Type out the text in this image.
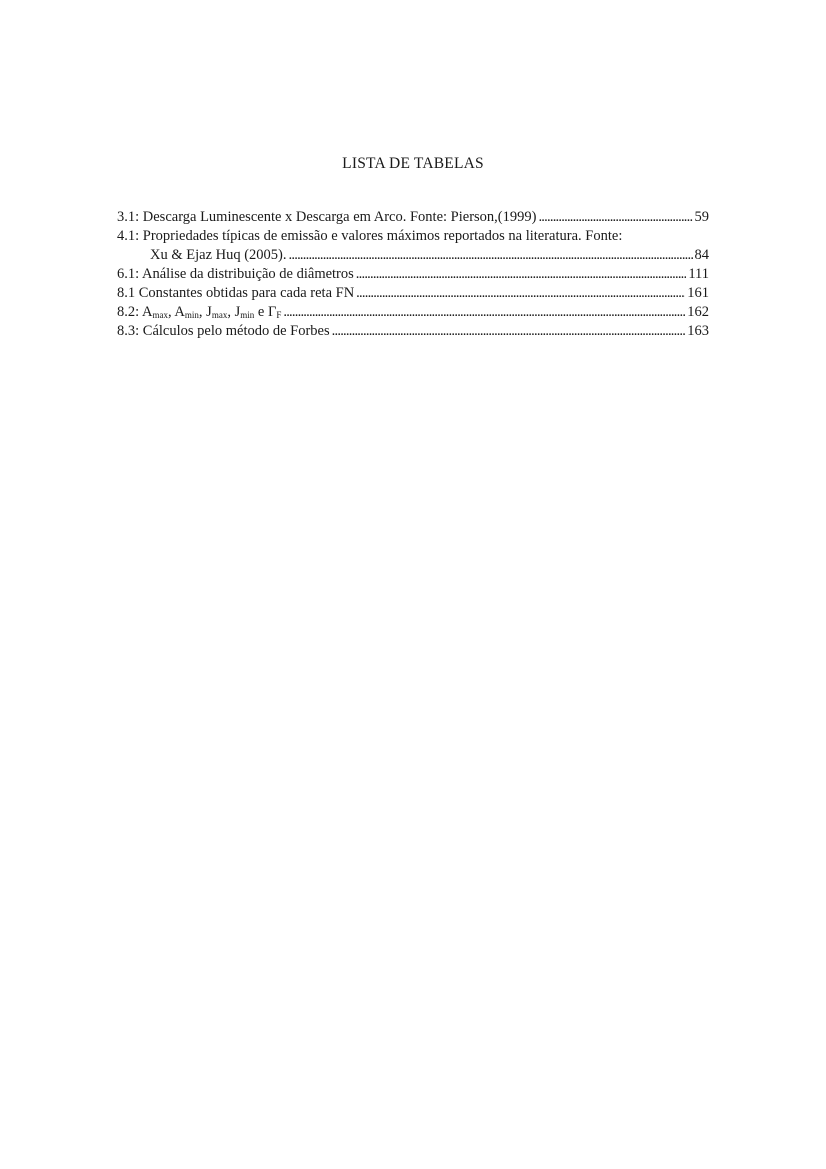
LISTA DE TABELAS
3.1: Descarga Luminescente x Descarga em Arco. Fonte: Pierson,(1999) . . .	59
4.1: Propriedades típicas de emissão e valores máximos reportados na literatura. Fonte:
Xu & Ejaz Huq (2005). . . .	84
6.1: Análise da distribuição de diâmetros . . .	111
8.1 Constantes obtidas para cada reta FN . . .	161
8.2: $A_{max}$, $A_{min}$, $J_{max}$, $J_{min}$ e $\Gamma_F$ . . .	162
8.3: Cálculos pelo método de Forbes . . .	163
